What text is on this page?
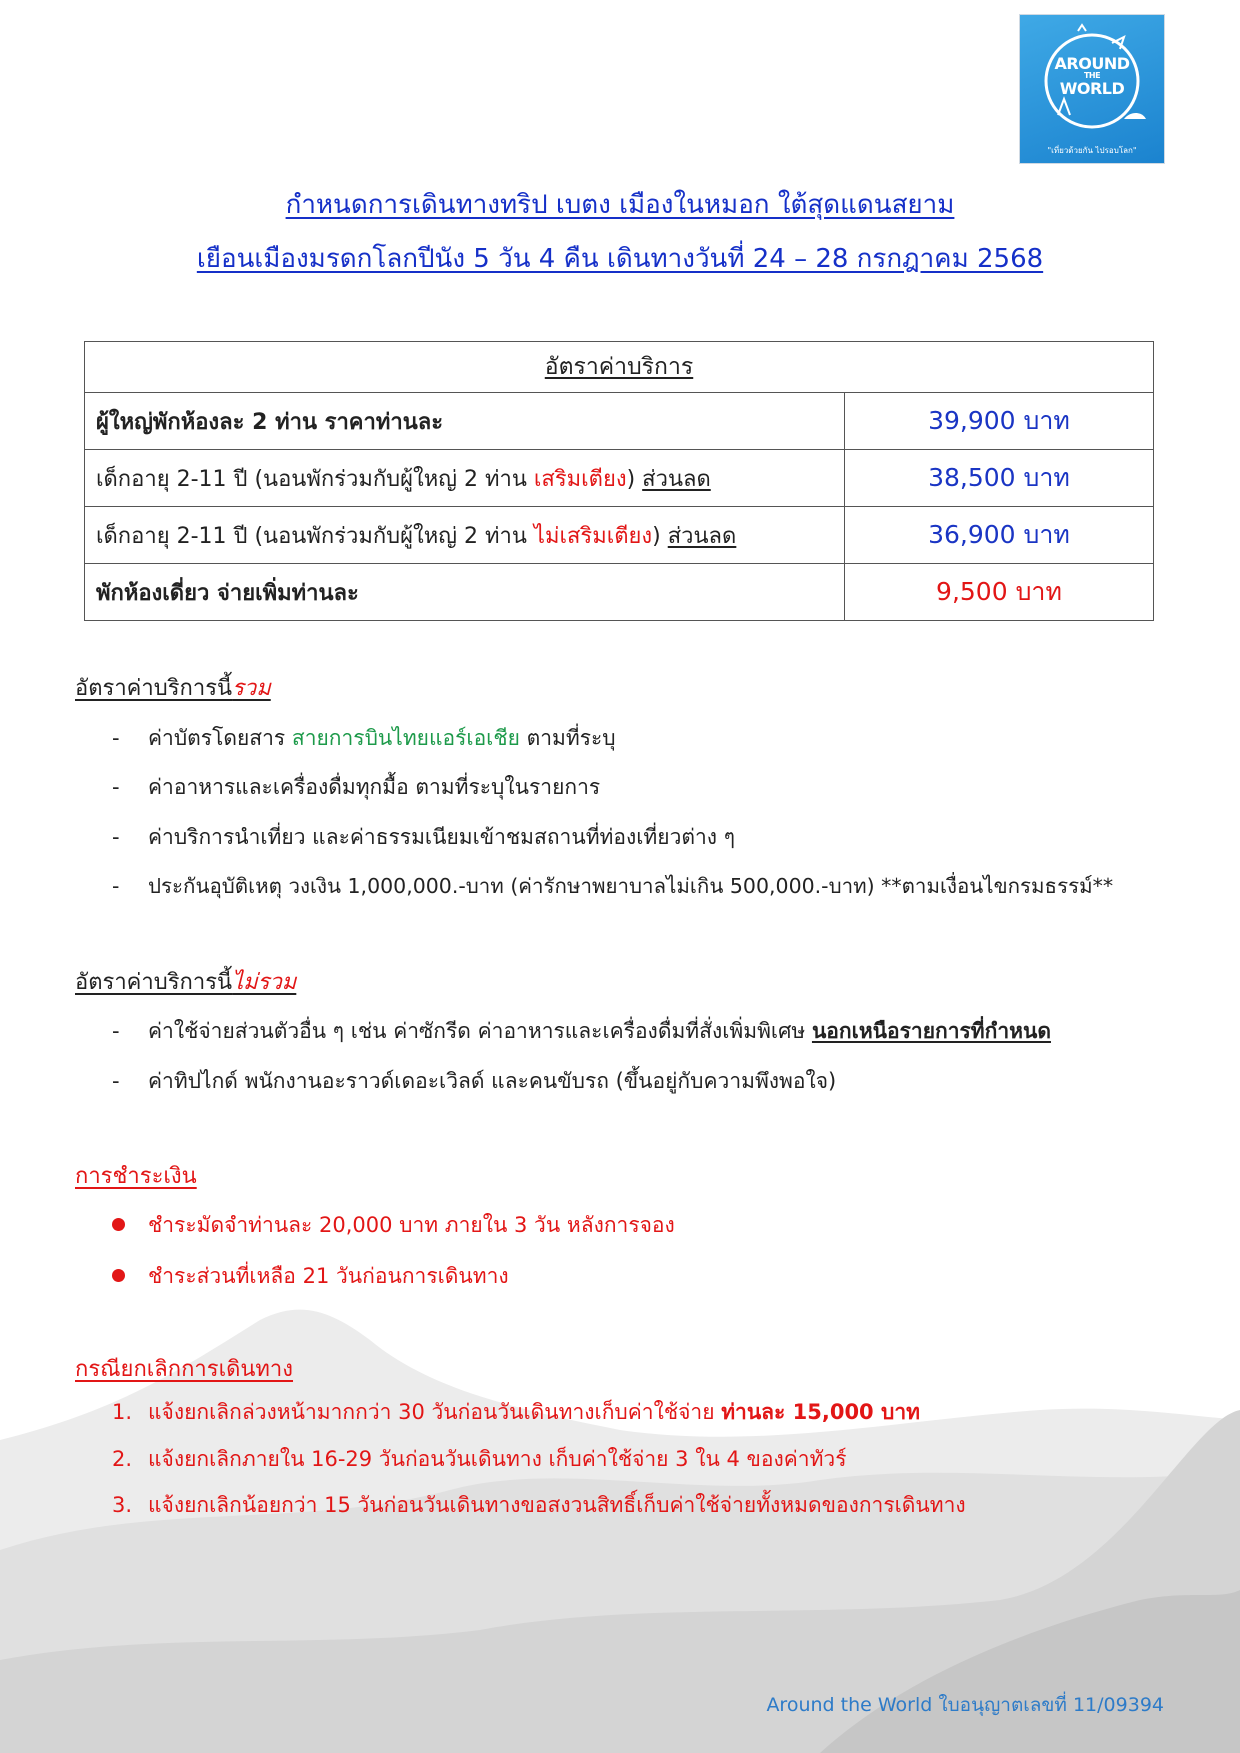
AROUND
THE
WORLD
"เที่ยวด้วยกัน ไปรอบโลก"
กำหนดการเดินทางทริป เบตง เมืองในหมอก ใต้สุดแดนสยาม
เยือนเมืองมรดกโลกปีนัง 5 วัน 4 คืน เดินทางวันที่ 24 – 28 กรกฎาคม 2568
อัตราค่าบริการ	
ผู้ใหญ่พักห้องละ 2 ท่าน ราคาท่านละ	39,900 บาท
เด็กอายุ 2-11 ปี (นอนพักร่วมกับผู้ใหญ่ 2 ท่าน เสริมเตียง) ส่วนลด	38,500 บาท
เด็กอายุ 2-11 ปี (นอนพักร่วมกับผู้ใหญ่ 2 ท่าน ไม่เสริมเตียง) ส่วนลด	36,900 บาท
พักห้องเดี่ยว จ่ายเพิ่มท่านละ	9,500 บาท
อัตราค่าบริการนี้รวม
- ค่าบัตรโดยสาร สายการบินไทยแอร์เอเชีย ตามที่ระบุ
- ค่าอาหารและเครื่องดื่มทุกมื้อ ตามที่ระบุในรายการ
- ค่าบริการนำเที่ยว และค่าธรรมเนียมเข้าชมสถานที่ท่องเที่ยวต่าง ๆ
- ประกันอุบัติเหตุ วงเงิน 1,000,000.-บาท (ค่ารักษาพยาบาลไม่เกิน 500,000.-บาท) **ตามเงื่อนไขกรมธรรม์**
อัตราค่าบริการนี้ไม่รวม
- ค่าใช้จ่ายส่วนตัวอื่น ๆ เช่น ค่าซักรีด ค่าอาหารและเครื่องดื่มที่สั่งเพิ่มพิเศษ นอกเหนือรายการที่กำหนด
- ค่าทิปไกด์ พนักงานอะราวด์เดอะเวิลด์ และคนขับรถ (ขึ้นอยู่กับความพึงพอใจ)
การชำระเงิน
ชำระมัดจำท่านละ 20,000 บาท ภายใน 3 วัน หลังการจอง
ชำระส่วนที่เหลือ 21 วันก่อนการเดินทาง
กรณียกเลิกการเดินทาง
1. แจ้งยกเลิกล่วงหน้ามากกว่า 30 วันก่อนวันเดินทางเก็บค่าใช้จ่าย ท่านละ 15,000 บาท
2. แจ้งยกเลิกภายใน 16-29 วันก่อนวันเดินทาง เก็บค่าใช้จ่าย 3 ใน 4 ของค่าทัวร์
3. แจ้งยกเลิกน้อยกว่า 15 วันก่อนวันเดินทางขอสงวนสิทธิ์เก็บค่าใช้จ่ายทั้งหมดของการเดินทาง
Around the World ใบอนุญาตเลขที่ 11/09394
